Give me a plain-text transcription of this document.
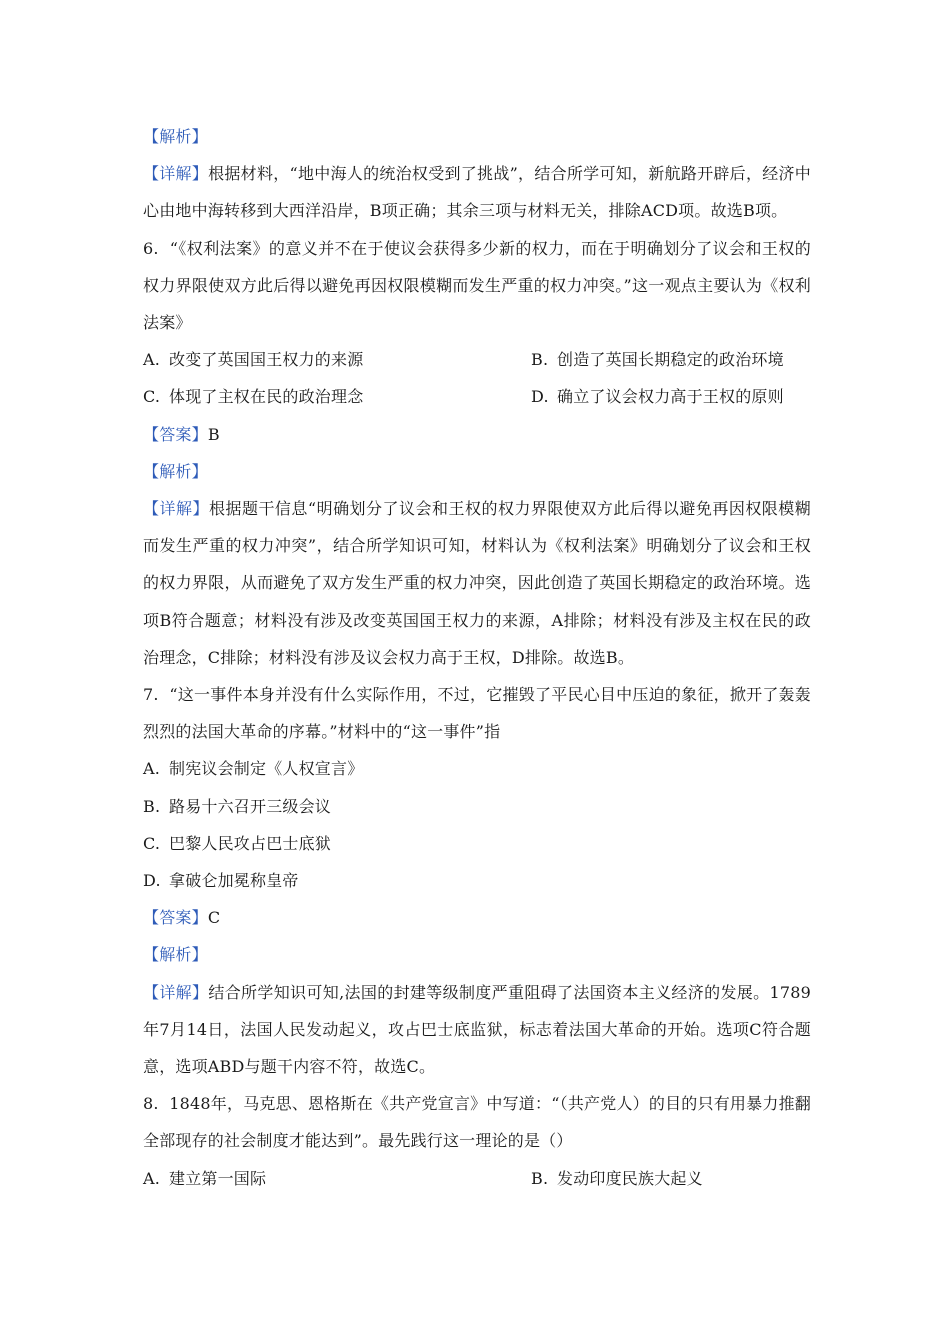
【解析】
【详解】根据材料，“地中海人的统治权受到了挑战”，结合所学可知，新航路开辟后，经济中心由地中海转移到大西洋沿岸，B项正确；其余三项与材料无关，排除ACD项。故选B项。
6. “《权利法案》的意义并不在于使议会获得多少新的权力，而在于明确划分了议会和王权的权力界限使双方此后得以避免再因权限模糊而发生严重的权力冲突。”这一观点主要认为《权利法案》
A. 改变了英国国王权力的来源	B. 创造了英国长期稳定的政治环境
C. 体现了主权在民的政治理念	D. 确立了议会权力高于王权的原则
【答案】B
【解析】
【详解】根据题干信息“明确划分了议会和王权的权力界限使双方此后得以避免再因权限模糊而发生严重的权力冲突”，结合所学知识可知，材料认为《权利法案》明确划分了议会和王权的权力界限，从而避免了双方发生严重的权力冲突，因此创造了英国长期稳定的政治环境。选项B符合题意；材料没有涉及改变英国国王权力的来源，A排除；材料没有涉及主权在民的政治理念，C排除；材料没有涉及议会权力高于王权，D排除。故选B。
7. “这一事件本身并没有什么实际作用，不过，它摧毁了平民心目中压迫的象征，掀开了轰轰烈烈的法国大革命的序幕。”材料中的“这一事件”指
A. 制宪议会制定《人权宣言》
B. 路易十六召开三级会议
C. 巴黎人民攻占巴士底狱
D. 拿破仑加冕称皇帝
【答案】C
【解析】
【详解】结合所学知识可知,法国的封建等级制度严重阻碍了法国资本主义经济的发展。1789年7月14日，法国人民发动起义，攻占巴士底监狱，标志着法国大革命的开始。选项C符合题意，选项ABD与题干内容不符，故选C。
8. 1848年，马克思、恩格斯在《共产党宣言》中写道：“（共产党人）的目的只有用暴力推翻全部现存的社会制度才能达到”。最先践行这一理论的是（）
A. 建立第一国际	B. 发动印度民族大起义
